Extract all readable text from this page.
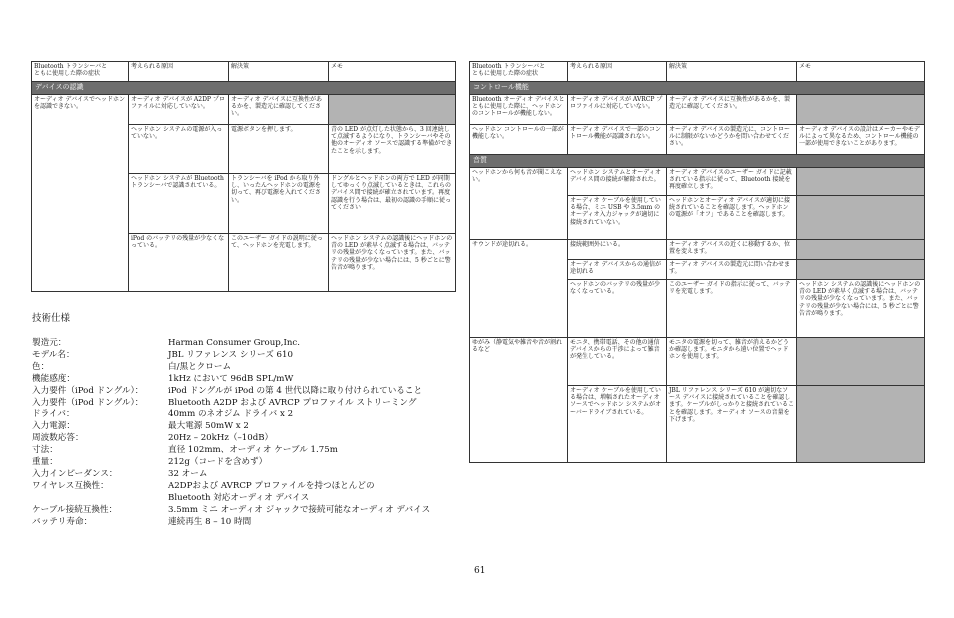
Bluetooth トランシーバと
ともに使用した際の症状	考えられる原因	解決策	メモ
デバイスの認識			
オーディオ デバイスでヘッドホンを認識できない。	オーディオ デバイスが A2DP プロファイルに対応していない。	オーディオ デバイスに互換性があるかを、製造元に確認してください。	
	ヘッドホン システムの電源が入っていない。	電源ボタンを押します。	青の LED が点灯した状態から、3 回連続して点滅するようになり、トランシーバやその他のオーディオ ソースで認識する準備ができたことを示します。
	ヘッドホン システムが Bluetooth トランシーバで認識されている。	トランシーバを iPod から取り外し、いったんヘッドホンの電源を切って、再び電源を入れてください。	ドングルとヘッドホンの両方で LED が同期してゆっくり点滅しているときは、これらのデバイス間で接続が確立されています。再度認識を行う場合は、最初の認識の手順に従ってください
	iPod のバッテリの残量が少なくなっている。	このユーザー ガイドの説明に従って、ヘッドホンを充電します。	ヘッドホン システムの認識後にヘッドホンの青の LED が素早く点滅する場合は、バッテリの残量が少なくなっています。また、バッテリの残量が少ない場合には、5 秒ごとに警告音が鳴ります。
技術仕様
製造元：	Harman Consumer Group,Inc.
モデル名：	JBL リファレンス シリーズ 610
色：	白/黒とクローム
機能感度：	1kHz において 96dB SPL/mW
入力要件（iPod ドングル）：	iPod ドングルが iPod の第 4 世代以降に取り付けられていること
入力要件（iPod ドングル）：	Bluetooth A2DP および AVRCP プロファイル ストリーミング
ドライバ：	40mm のネオジム ドライバ x 2
入力電源：	最大電源 50mW x 2
周波数応答：	20Hz – 20kHz（–10dB）
寸法：	直径 102mm、オーディオ ケーブル 1.75m
重量：	212g（コードを含めず）
入力インピーダンス：	32 オーム
ワイヤレス互換性：	A2DPおよび AVRCP プロファイルを持つほとんどの
Bluetooth 対応オーディオ デバイス
ケーブル接続互換性：	3.5mm ミニ オーディオ ジャックで接続可能なオーディオ デバイス
バッテリ寿命：	連続再生 8 – 10 時間
Bluetooth トランシーバと
ともに使用した際の症状	考えられる原因	解決策	メモ
コントロール機能			
Bluetooth オーディオ デバイスとともに使用した際に、ヘッドホンのコントロールが機能しない。	オーディオ デバイスが AVRCP プロファイルに対応していない。	オーディオ デバイスに互換性があるかを、製造元に確認してください。	
ヘッドホン コントロールの一部が機能しない。	オーディオ デバイスで一部のコントロール機能が認識されない。	オーディオ デバイスの製造元に、コントロールに制限がないかどうかを問い合わせてください。	オーディオ デバイスの設計はメーカーやモデルによって異なるため、コントロール機能の一部が使用できないことがあります。
音質			
ヘッドホンから何も音が聞こえない。	ヘッドホン システムとオーディオ デバイス間の接続が解除された。	オーディオ デバイスのユーザー ガイドに記載されている指示に従って、Bluetooth 接続を再度確立します。	
	オーディオ ケーブルを使用している場合、ミニ USB や 3.5mm のオーディオ入力ジャックが適切に接続されていない。	ヘッドホンとオーディオ デバイスが適切に接続されていることを確認します。ヘッドホンの電源が「オフ」であることを確認します。	
サウンドが途切れる。	接続範囲外にいる。	オーディオ デバイスの近くに移動するか、位置を変えます。	
	オーディオ デバイスからの通信が途切れる	オーディオ デバイスの製造元に問い合わせます。	
	ヘッドホンのバッテリの残量が少なくなっている。	このユーザー ガイドの指示に従って、バッテリを充電します。	ヘッドホン システムの認識後にヘッドホンの青の LED が素早く点滅する場合は、バッテリの残量が少なくなっています。また、バッテリの残量が少ない場合には、5 秒ごとに警告音が鳴ります。
ゆがみ（静電気や雑音や音が割れるなど	モニタ、携帯電話、その他の通信デバイスからの干渉によって雑音が発生している。	モニタの電源を切って、雑音が消えるかどうか確認します。モニタから遠い位置でヘッドホンを使用します。	
	オーディオ ケーブルを使用している場合は、増幅されたオーディオ ソースでヘッドホン システムがオーバードライブされている。	JBL リファレンス シリーズ 610 が適切なソース デバイスに接続されていることを確認します。ケーブルがしっかりと接続されていることを確認します。オーディオ ソースの音量を下げます。	
61
